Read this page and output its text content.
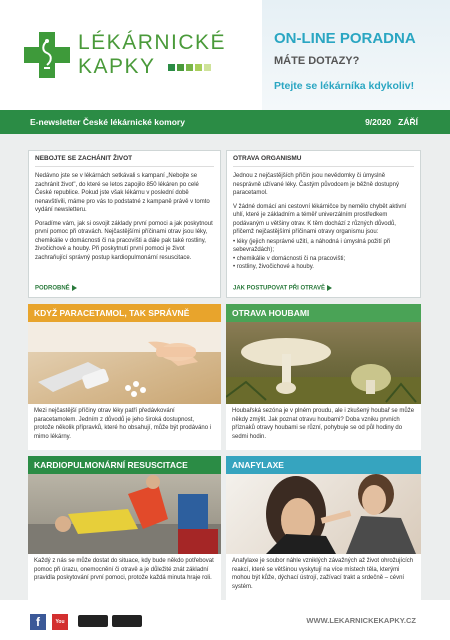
LÉKÁRNICKÉ
KAPKY
ON-LINE PORADNA
MÁTE DOTAZY?
Ptejte se lékárníka kdykoliv!
E-newsletter České lékárnické komory	9/2020 ZÁŘÍ
NEBOJTE SE ZACHÁNIT ŽIVOT

Nedávno jste se v lékárnách setkávali s kampaní „Nebojte se zachránit život", do které se letos zapojilo 850 lékáren po celé České republice. Pokud jste však lékárnu v poslední době nenavštívili, máme pro vás to podstatné z kampaně právě v tomto vydání newsletteru.

Poradíme vám, jak si osvojit základy první pomoci a jak poskytnout první pomoc při otravách. Nejčastějšími příčinami otrav jsou léky, chemikálie v domácnosti či na pracovišti a dále pak také rostliny, živočichové a houby. Při poskytnutí první pomoci je život zachraňující správný postup kardiopulmonární resuscitace.

PODROBNĚ
OTRAVA ORGANISMU

Jednou z nejčastějších příčin jsou nevědomky či úmyslně nesprávně užívané léky. Častým původcem je běžně dostupný paracetamol.

V žádné domácí ani cestovní lékárničce by nemělo chybět aktivní uhlí, které je základním a téměř univerzálním prostředkem podávaným u většiny otrav. K těm dochází z různých důvodů, přičemž nejčastějšími příčinami otravy organismu jsou:

• léky (jejich nesprávné užití, a náhodná i úmyslná požití při sebevraždách);

• chemikálie v domácnosti či na pracovišti;

• rostliny, živočichové a houby.

JAK POSTUPOVAT PŘI OTRAVĚ
KDYŽ PARACETAMOL, TAK SPRÁVNĚ
Mezi nejčastější příčiny otrav léky patří předávkování paracetamolem. Jedním z důvodů je jeho široká dostupnost, protože několik přípravků, které ho obsahují, může být prodáváno i mimo lékárny.
OTRAVA HOUBAMI
Houbařská sezóna je v plném proudu, ale i zkušený houbař se může někdy zmýlit. Jak poznat otravu houbami? Doba vzniku prvních příznaků otravy houbami se různí, pohybuje se od půl hodiny do sedmi hodin.
KARDIOPULMONÁRNÍ RESUSCITACE
Každý z nás se může dostat do situace, kdy bude někdo potřebovat pomoc při úrazu, onemocnění či otravě a je důležité znát základní pravidla poskytování první pomoci, protože každá minuta hraje roli.
ANAFYLAXE
Anafylaxe je soubor náhle vzniklých závažných až život ohrožujících reakcí, které se většinou vyskytují na více místech těla, kterými mohou být kůže, dýchací ústrojí, zažívací trakt a srdečně – cévní systém.
f	You Tube
WWW.LEKARNICKEKAPKY.CZ
